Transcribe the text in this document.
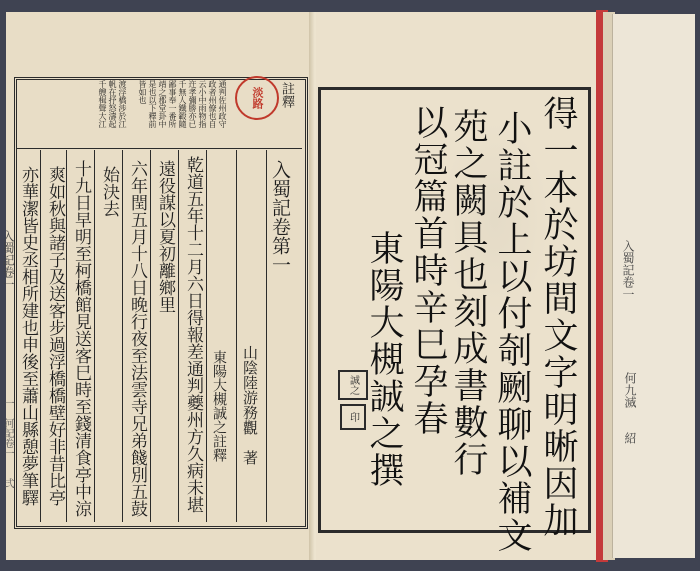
註釋
淡路
通判佐州政守
政者州僚也自
云小中雨物指
迕孝彌勝亦已
千無人鐡轂隨
鄙事奉一番所
靖之郡堂卦中
是也以下釋前
皆如也
渡浮橋渉於江
帆在抒怒濤起
千艘楫聲大江
入蜀記卷第一
山陰陸游務觀　著
東陽大槻誠之註釋
乾道五年十二月六日得報差通判夔州方久病未堪
遠役謀以夏初離鄉里
六年閏五月十八日晚行夜至法雲寺兄弟餞別五鼓
始決去
十九日早明至柯橋館見送客巳時至錢清食亭中涼
爽如秋與諸子及送客步過浮橋橋壁好非昔比亭
亦華潔皆史丞相所建也申後至蕭山縣憩夢筆驛
入蜀記卷一
一　河記卷一　　弍	得一本於坊間文字明晰因加
小註於上以付剞劂聊以補文
苑之闕具也刻成書數行
以冠篇首時辛巳孕春
東陽大槻誠之撰
誠之
印
入蜀記卷一
何九滅　　紹
